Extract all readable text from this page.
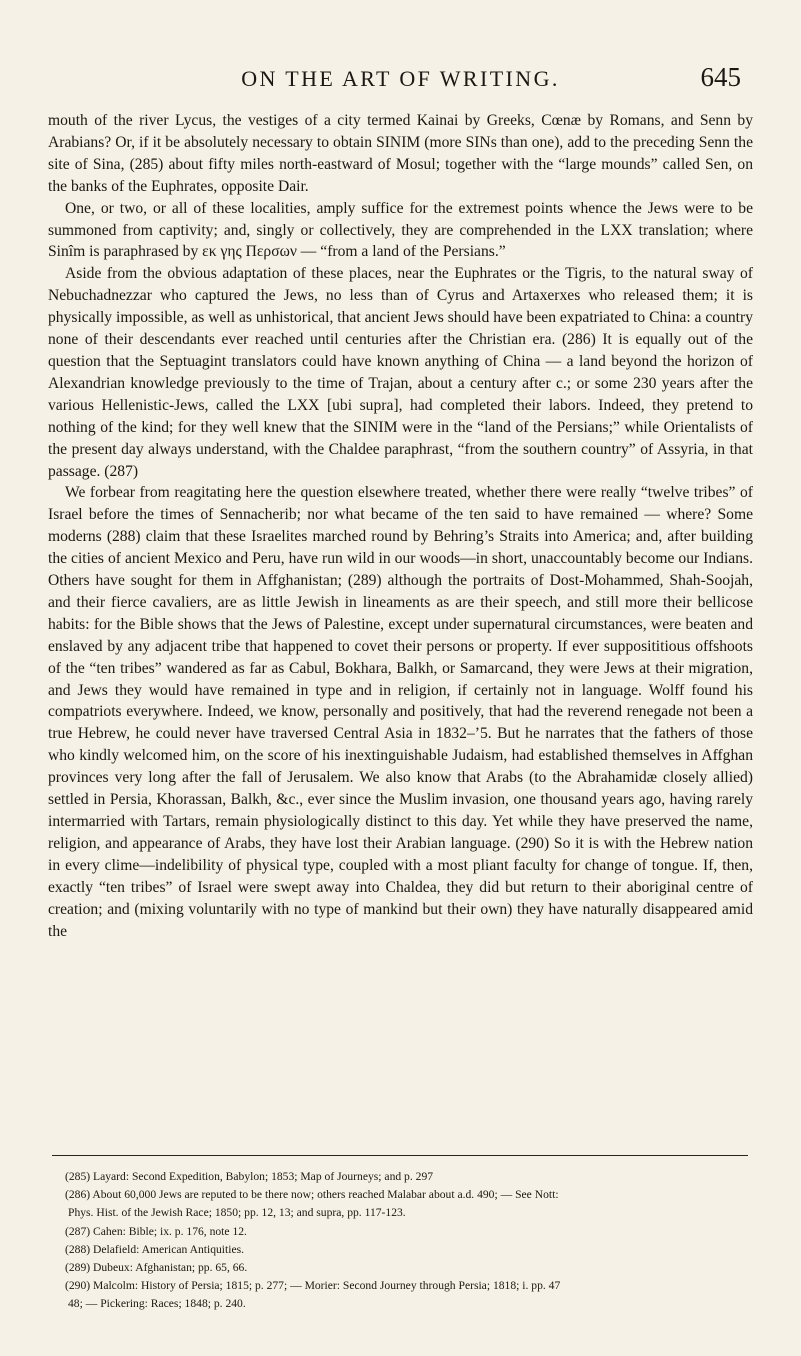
ON THE ART OF WRITING.	645

mouth of the river Lycus, the vestiges of a city termed Kainai by Greeks, Cœnæ by Romans, and Senn by Arabians? Or, if it be absolutely necessary to obtain SINIM (more SINs than one), add to the preceding Senn the site of Sina, (285) about fifty miles north-eastward of Mosul; together with the “large mounds” called Sen, on the banks of the Euphrates, opposite Dair.

One, or two, or all of these localities, amply suffice for the extremest points whence the Jews were to be summoned from captivity; and, singly or collectively, they are comprehended in the LXX translation; where Sinîm is paraphrased by εκ γης Περσων — “from a land of the Persians.”

Aside from the obvious adaptation of these places, near the Euphrates or the Tigris, to the natural sway of Nebuchadnezzar who captured the Jews, no less than of Cyrus and Artaxerxes who released them; it is physically impossible, as well as unhistorical, that ancient Jews should have been expatriated to China: a country none of their descendants ever reached until centuries after the Christian era. (286) It is equally out of the question that the Septuagint translators could have known anything of China — a land beyond the horizon of Alexandrian knowledge previously to the time of Trajan, about a century after c.; or some 230 years after the various Hellenistic-Jews, called the LXX [ubi supra], had completed their labors. Indeed, they pretend to nothing of the kind; for they well knew that the SINIM were in the “land of the Persians;” while Orientalists of the present day always understand, with the Chaldee paraphrast, “from the southern country” of Assyria, in that passage. (287)

We forbear from reagitating here the question elsewhere treated, whether there were really “twelve tribes” of Israel before the times of Sennacherib; nor what became of the ten said to have remained — where? Some moderns (288) claim that these Israelites marched round by Behring’s Straits into America; and, after building the cities of ancient Mexico and Peru, have run wild in our woods—in short, unaccountably become our Indians. Others have sought for them in Affghanistan; (289) although the portraits of Dost-Mohammed, Shah-Soojah, and their fierce cavaliers, are as little Jewish in lineaments as are their speech, and still more their bellicose habits: for the Bible shows that the Jews of Palestine, except under supernatural circumstances, were beaten and enslaved by any adjacent tribe that happened to covet their persons or property. If ever supposititious offshoots of the “ten tribes” wandered as far as Cabul, Bokhara, Balkh, or Samarcand, they were Jews at their migration, and Jews they would have remained in type and in religion, if certainly not in language. Wolff found his compatriots everywhere. Indeed, we know, personally and positively, that had the reverend renegade not been a true Hebrew, he could never have traversed Central Asia in 1832–’5. But he narrates that the fathers of those who kindly welcomed him, on the score of his inextinguishable Judaism, had established themselves in Affghan provinces very long after the fall of Jerusalem. We also know that Arabs (to the Abrahamidæ closely allied) settled in Persia, Khorassan, Balkh, &c., ever since the Muslim invasion, one thousand years ago, having rarely intermarried with Tartars, remain physiologically distinct to this day. Yet while they have preserved the name, religion, and appearance of Arabs, they have lost their Arabian language. (290) So it is with the Hebrew nation in every clime—indelibility of physical type, coupled with a most pliant faculty for change of tongue. If, then, exactly “ten tribes” of Israel were swept away into Chaldea, they did but return to their aboriginal centre of creation; and (mixing voluntarily with no type of mankind but their own) they have naturally disappeared amid the

(285) Layard: Second Expedition, Babylon; 1853; Map of Journeys; and p. 297

(286) About 60,000 Jews are reputed to be there now; others reached Malabar about a.d. 490; — See Nott:

Phys. Hist. of the Jewish Race; 1850; pp. 12, 13; and supra, pp. 117-123.

(287) Cahen: Bible; ix. p. 176, note 12.

(288) Delafield: American Antiquities.

(289) Dubeux: Afghanistan; pp. 65, 66.

(290) Malcolm: History of Persia; 1815; p. 277; — Morier: Second Journey through Persia; 1818; i. pp. 47

48; — Pickering: Races; 1848; p. 240.
